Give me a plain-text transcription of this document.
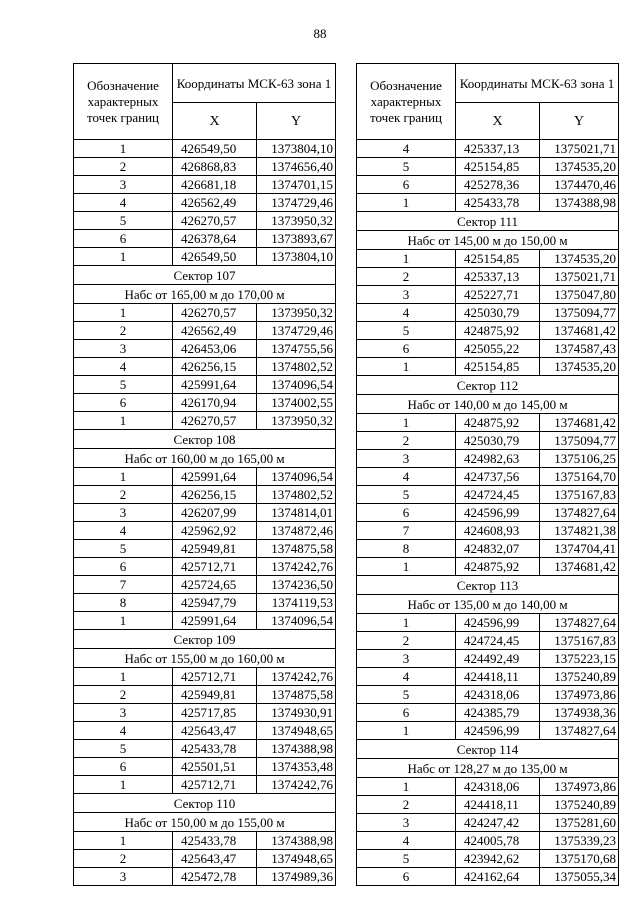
88
Обозначение характерных точек границ	Координаты МСК-63 зона 1	
	X	Y
1	426549,50	1373804,10
2	426868,83	1374656,40
3	426681,18	1374701,15
4	426562,49	1374729,46
5	426270,57	1373950,32
6	426378,64	1373893,67
1	426549,50	1373804,10
Сектор 107		
Набс от 165,00 м до 170,00 м		
1	426270,57	1373950,32
2	426562,49	1374729,46
3	426453,06	1374755,56
4	426256,15	1374802,52
5	425991,64	1374096,54
6	426170,94	1374002,55
1	426270,57	1373950,32
Сектор 108		
Набс от 160,00 м до 165,00 м		
1	425991,64	1374096,54
2	426256,15	1374802,52
3	426207,99	1374814,01
4	425962,92	1374872,46
5	425949,81	1374875,58
6	425712,71	1374242,76
7	425724,65	1374236,50
8	425947,79	1374119,53
1	425991,64	1374096,54
Сектор 109		
Набс от 155,00 м до 160,00 м		
1	425712,71	1374242,76
2	425949,81	1374875,58
3	425717,85	1374930,91
4	425643,47	1374948,65
5	425433,78	1374388,98
6	425501,51	1374353,48
1	425712,71	1374242,76
Сектор 110		
Набс от 150,00 м до 155,00 м		
1	425433,78	1374388,98
2	425643,47	1374948,65
3	425472,78	1374989,36
Обозначение характерных точек границ	Координаты МСК-63 зона 1	
	X	Y
4	425337,13	1375021,71
5	425154,85	1374535,20
6	425278,36	1374470,46
1	425433,78	1374388,98
Сектор 111		
Набс от 145,00 м до 150,00 м		
1	425154,85	1374535,20
2	425337,13	1375021,71
3	425227,71	1375047,80
4	425030,79	1375094,77
5	424875,92	1374681,42
6	425055,22	1374587,43
1	425154,85	1374535,20
Сектор 112		
Набс от 140,00 м до 145,00 м		
1	424875,92	1374681,42
2	425030,79	1375094,77
3	424982,63	1375106,25
4	424737,56	1375164,70
5	424724,45	1375167,83
6	424596,99	1374827,64
7	424608,93	1374821,38
8	424832,07	1374704,41
1	424875,92	1374681,42
Сектор 113		
Набс от 135,00 м до 140,00 м		
1	424596,99	1374827,64
2	424724,45	1375167,83
3	424492,49	1375223,15
4	424418,11	1375240,89
5	424318,06	1374973,86
6	424385,79	1374938,36
1	424596,99	1374827,64
Сектор 114		
Набс от 128,27 м до 135,00 м		
1	424318,06	1374973,86
2	424418,11	1375240,89
3	424247,42	1375281,60
4	424005,78	1375339,23
5	423942,62	1375170,68
6	424162,64	1375055,34
